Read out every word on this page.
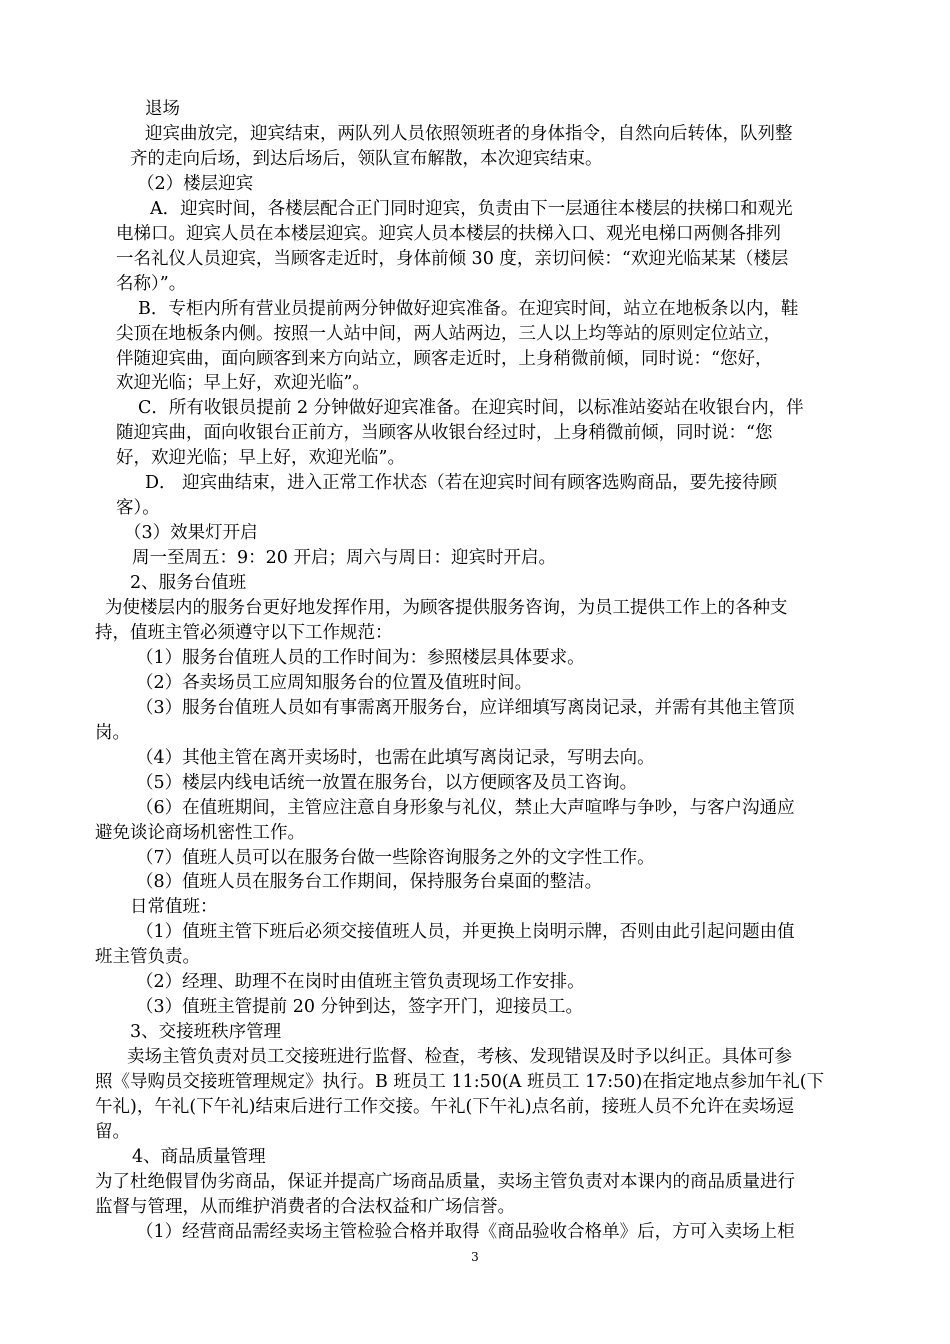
退场

迎宾曲放完，迎宾结束，两队列人员依照领班者的身体指令，自然向后转体，队列整

齐的走向后场，到达后场后，领队宣布解散，本次迎宾结束。

（2）楼层迎宾

A．迎宾时间，各楼层配合正门同时迎宾，负责由下一层通往本楼层的扶梯口和观光

电梯口。迎宾人员在本楼层迎宾。迎宾人员本楼层的扶梯入口、观光电梯口两侧各排列

一名礼仪人员迎宾，当顾客走近时，身体前倾 30 度，亲切问候：“欢迎光临某某（楼层

名称）”。

B．专柜内所有营业员提前两分钟做好迎宾准备。在迎宾时间，站立在地板条以内，鞋

尖顶在地板条内侧。按照一人站中间，两人站两边，三人以上均等站的原则定位站立，

伴随迎宾曲，面向顾客到来方向站立，顾客走近时，上身稍微前倾，同时说：“您好，

欢迎光临；早上好，欢迎光临”。

C．所有收银员提前 2 分钟做好迎宾准备。在迎宾时间，以标准站姿站在收银台内，伴

随迎宾曲，面向收银台正前方，当顾客从收银台经过时，上身稍微前倾，同时说：“您

好，欢迎光临；早上好，欢迎光临”。

D． 迎宾曲结束，进入正常工作状态（若在迎宾时间有顾客选购商品，要先接待顾

客）。

（3）效果灯开启

周一至周五：9：20 开启；周六与周日：迎宾时开启。

2、服务台值班

为使楼层内的服务台更好地发挥作用，为顾客提供服务咨询，为员工提供工作上的各种支

持，值班主管必须遵守以下工作规范：

（1）服务台值班人员的工作时间为：参照楼层具体要求。

（2）各卖场员工应周知服务台的位置及值班时间。

（3）服务台值班人员如有事需离开服务台，应详细填写离岗记录，并需有其他主管顶

岗。

（4）其他主管在离开卖场时，也需在此填写离岗记录，写明去向。

（5）楼层内线电话统一放置在服务台，以方便顾客及员工咨询。

（6）在值班期间，主管应注意自身形象与礼仪，禁止大声喧哗与争吵，与客户沟通应

避免谈论商场机密性工作。

（7）值班人员可以在服务台做一些除咨询服务之外的文字性工作。

（8）值班人员在服务台工作期间，保持服务台桌面的整洁。

日常值班：

（1）值班主管下班后必须交接值班人员，并更换上岗明示牌，否则由此引起问题由值

班主管负责。

（2）经理、助理不在岗时由值班主管负责现场工作安排。

（3）值班主管提前 20 分钟到达，签字开门，迎接员工。

3、交接班秩序管理

卖场主管负责对员工交接班进行监督、检查，考核、发现错误及时予以纠正。具体可参

照《导购员交接班管理规定》执行。B 班员工 11:50(A 班员工 17:50)在指定地点参加午礼(下

午礼)，午礼(下午礼)结束后进行工作交接。午礼(下午礼)点名前，接班人员不允许在卖场逗

留。

3

4、商品质量管理

为了杜绝假冒伪劣商品，保证并提高广场商品质量，卖场主管负责对本课内的商品质量进行

监督与管理，从而维护消费者的合法权益和广场信誉。

（1）经营商品需经卖场主管检验合格并取得《商品验收合格单》后，方可入卖场上柜
